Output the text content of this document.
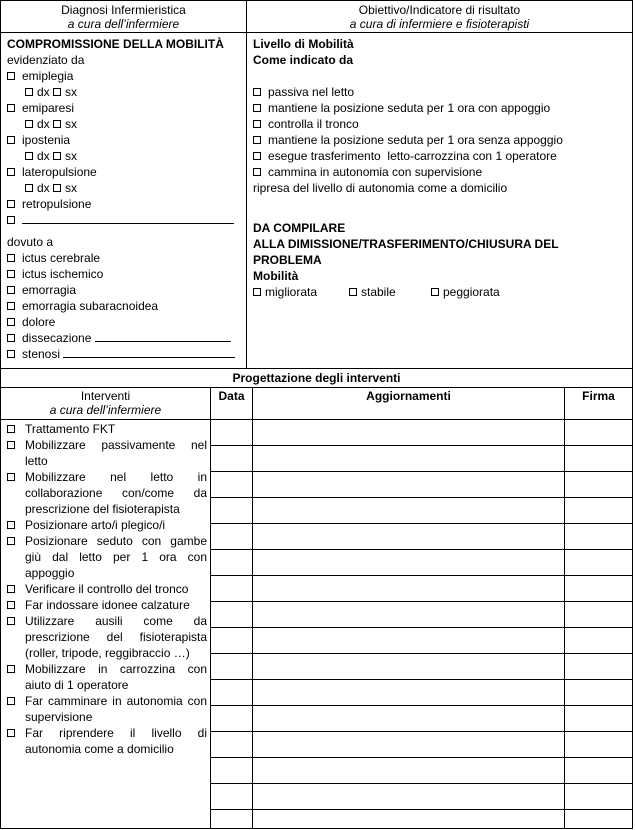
Diagnosi Infermieristica
a cura dell’infermiere
COMPROMISSIONE DELLA MOBILITÀ
evidenziato da
emiplegia
dx sx
emiparesi
dx sx
ipostenia
dx sx
lateropulsione
dx sx
retropulsione
dovuto a
ictus cerebrale
ictus ischemico
emorragia
emorragia subaracnoidea
dolore
dissecazione
stenosi
Obiettivo/Indicatore di risultato
a cura di infermiere e fisioterapisti
Livello di Mobilità
Come indicato da
passiva nel letto
mantiene la posizione seduta per 1 ora con appoggio
controlla il tronco
mantiene la posizione seduta per 1 ora senza appoggio
esegue trasferimento  letto-carrozzina con 1 operatore
cammina in autonomia con supervisione
ripresa del livello di autonomia come a domicilio
DA COMPILARE
ALLA DIMISSIONE/TRASFERIMENTO/CHIUSURA DEL PROBLEMA
Mobilità
migliorata	stabile	peggiorata
Progettazione degli interventi
Interventi
a cura dell’infermiere
Data	Aggiornamenti	Firma
Trattamento FKT
Mobilizzare passivamente nel letto
Mobilizzare nel letto in collaborazione con/come da prescrizione del fisioterapista
Posizionare arto/i plegico/i
Posizionare seduto con gambe giù dal letto per 1 ora con appoggio
Verificare il controllo del tronco
Far indossare idonee calzature
Utilizzare ausili come da prescrizione del fisioterapista (roller, tripode, reggibraccio …)
Mobilizzare in carrozzina con aiuto di 1 operatore
Far camminare in autonomia con supervisione
Far riprendere il livello di autonomia come a domicilio
